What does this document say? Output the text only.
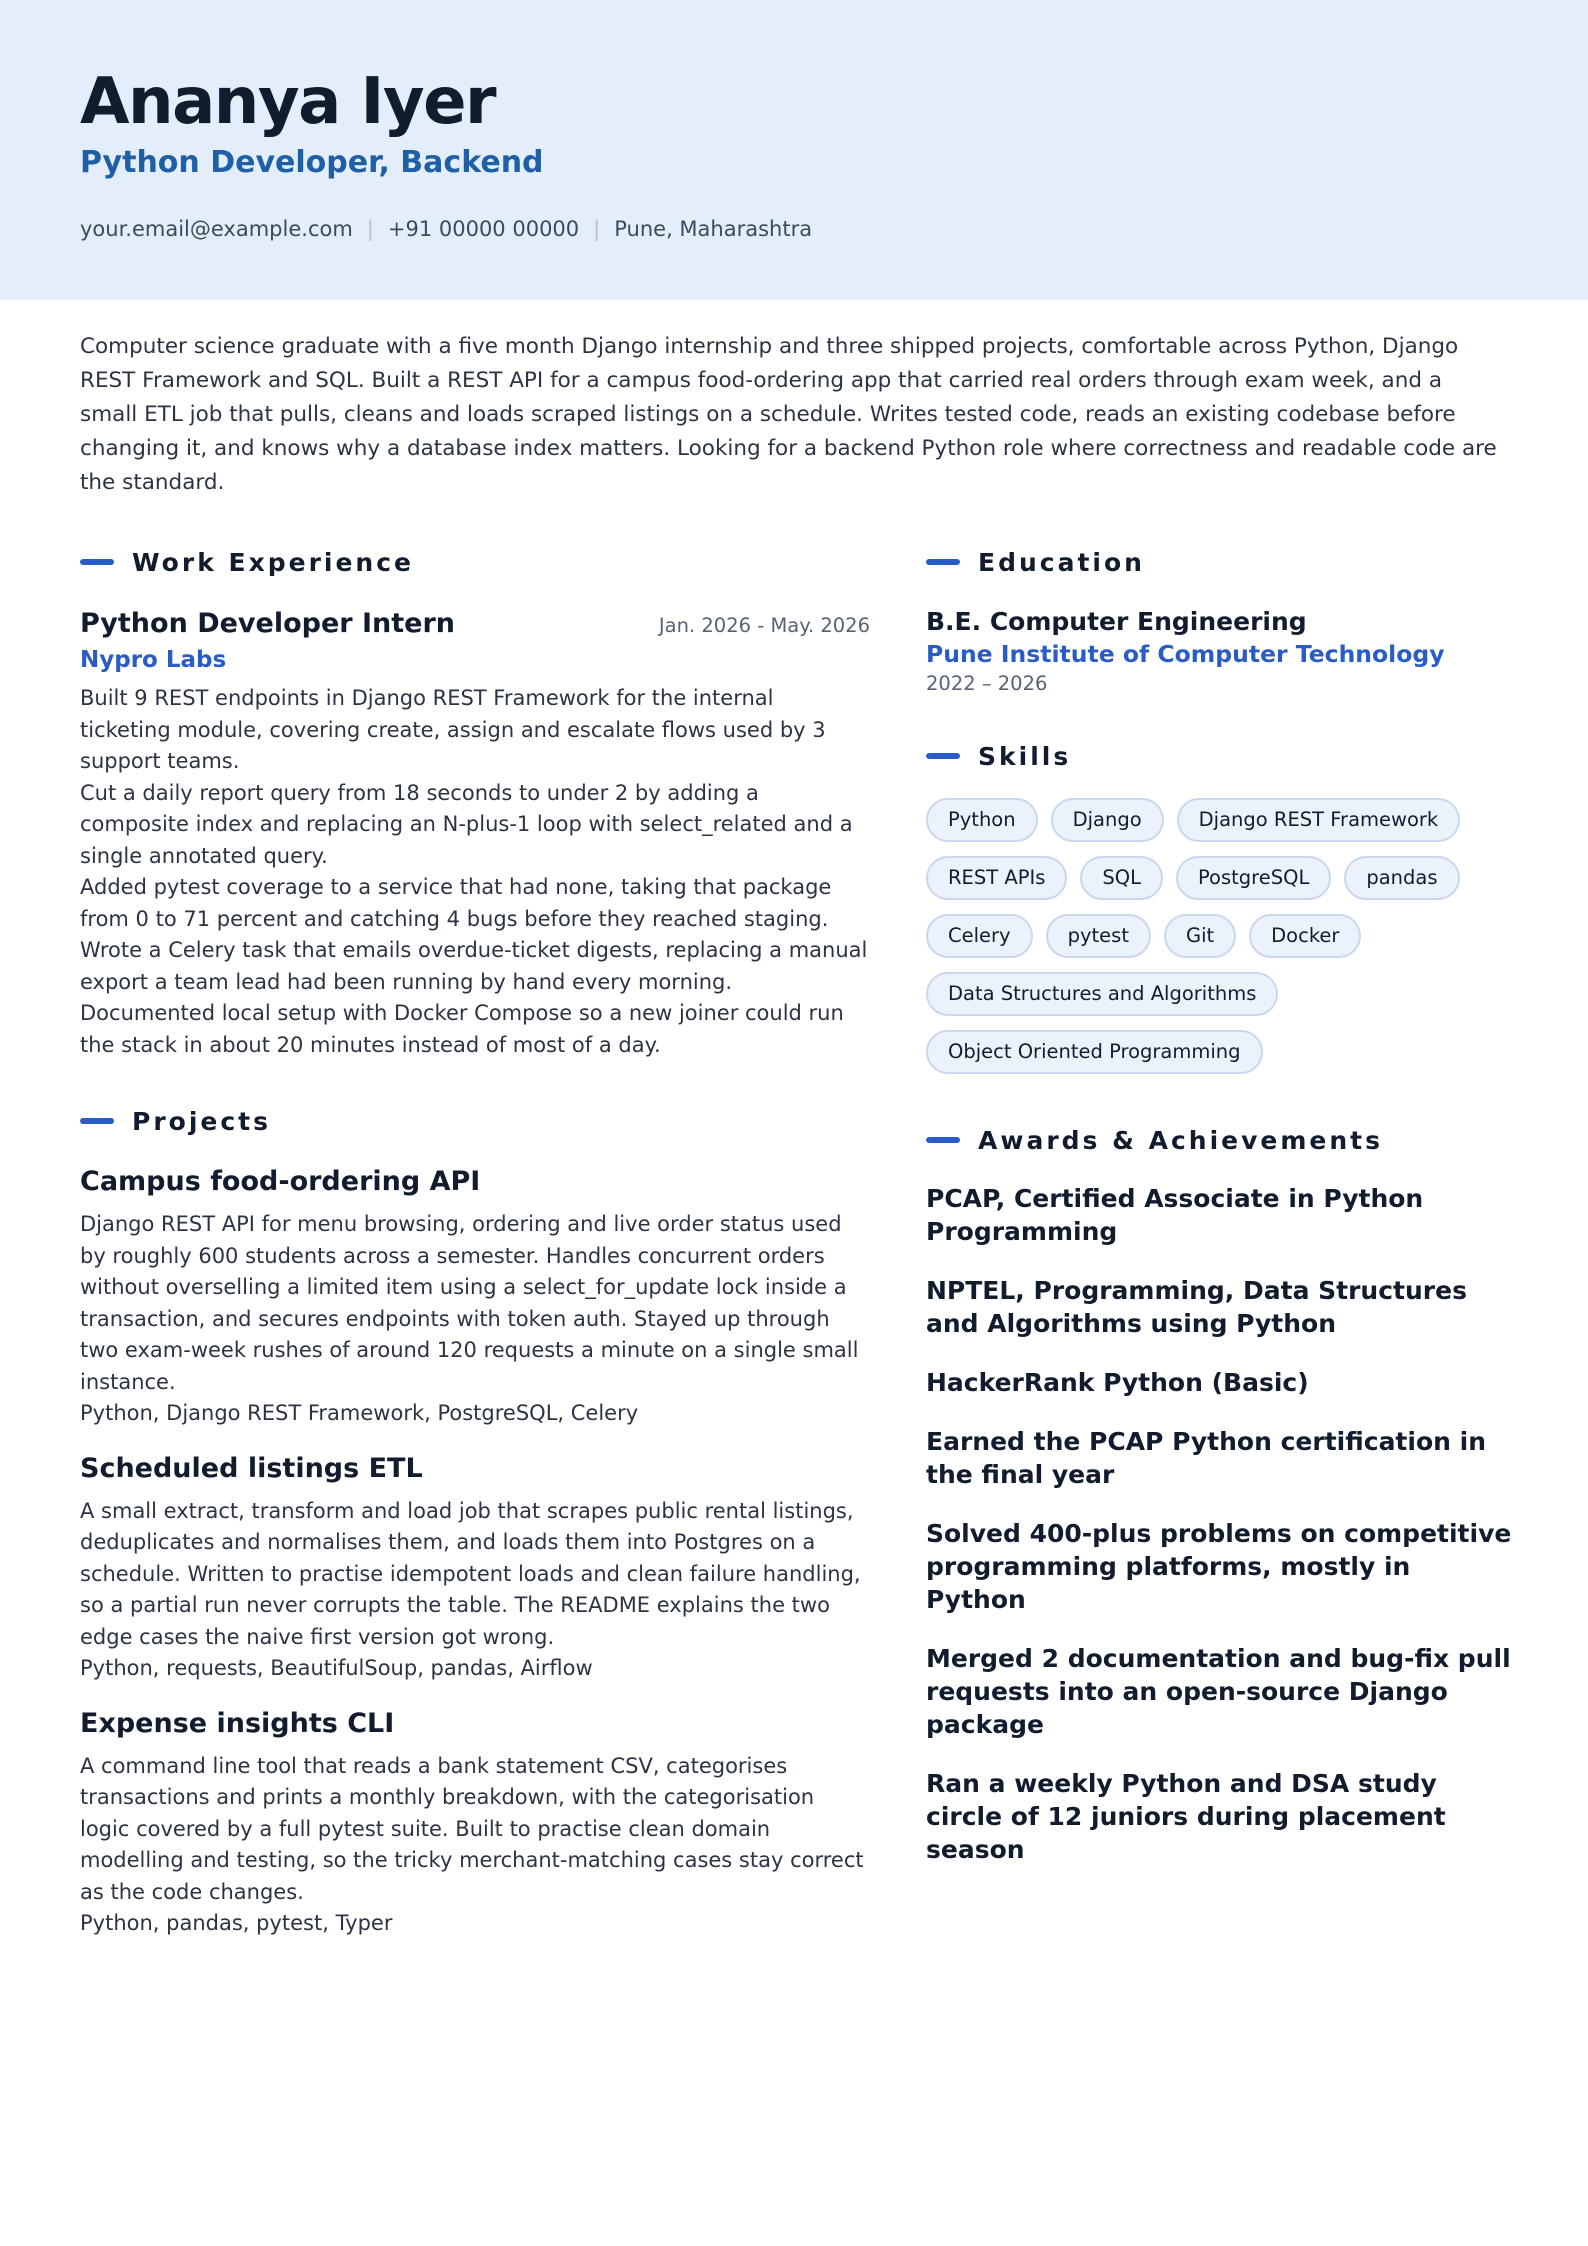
Ananya Iyer
Python Developer, Backend
your.email@example.com | +91 00000 00000 | Pune, Maharashtra

Computer science graduate with a five month Django internship and three shipped projects, comfortable across Python, Django REST Framework and SQL. Built a REST API for a campus food-ordering app that carried real orders through exam week, and a small ETL job that pulls, cleans and loads scraped listings on a schedule. Writes tested code, reads an existing codebase before changing it, and knows why a database index matters. Looking for a backend Python role where correctness and readable code are the standard.

Work Experience
Python Developer Intern	Jan. 2026 - May. 2026
Nypro Labs
Built 9 REST endpoints in Django REST Framework for the internal ticketing module, covering create, assign and escalate flows used by 3 support teams.
Cut a daily report query from 18 seconds to under 2 by adding a composite index and replacing an N-plus-1 loop with select_related and a single annotated query.
Added pytest coverage to a service that had none, taking that package from 0 to 71 percent and catching 4 bugs before they reached staging.
Wrote a Celery task that emails overdue-ticket digests, replacing a manual export a team lead had been running by hand every morning.
Documented local setup with Docker Compose so a new joiner could run the stack in about 20 minutes instead of most of a day.
Projects
Campus food-ordering API

Django REST API for menu browsing, ordering and live order status used by roughly 600 students across a semester. Handles concurrent orders without overselling a limited item using a select_for_update lock inside a transaction, and secures endpoints with token auth. Stayed up through two exam-week rushes of around 120 requests a minute on a single small instance.

Python, Django REST Framework, PostgreSQL, Celery
Scheduled listings ETL

A small extract, transform and load job that scrapes public rental listings, deduplicates and normalises them, and loads them into Postgres on a schedule. Written to practise idempotent loads and clean failure handling, so a partial run never corrupts the table. The README explains the two edge cases the naive first version got wrong.

Python, requests, BeautifulSoup, pandas, Airflow
Expense insights CLI

A command line tool that reads a bank statement CSV, categorises transactions and prints a monthly breakdown, with the categorisation logic covered by a full pytest suite. Built to practise clean domain modelling and testing, so the tricky merchant-matching cases stay correct as the code changes.

Python, pandas, pytest, Typer
Education
B.E. Computer Engineering
Pune Institute of Computer Technology
2022 – 2026
Skills
Python	Django	Django REST Framework
REST APIs	SQL	PostgreSQL	pandas
Celery	pytest	Git	Docker
Data Structures and Algorithms
Object Oriented Programming
Awards & Achievements
PCAP, Certified Associate in Python Programming
NPTEL, Programming, Data Structures and Algorithms using Python
HackerRank Python (Basic)
Earned the PCAP Python certification in the final year
Solved 400-plus problems on competitive programming platforms, mostly in Python
Merged 2 documentation and bug-fix pull requests into an open-source Django package
Ran a weekly Python and DSA study circle of 12 juniors during placement season
